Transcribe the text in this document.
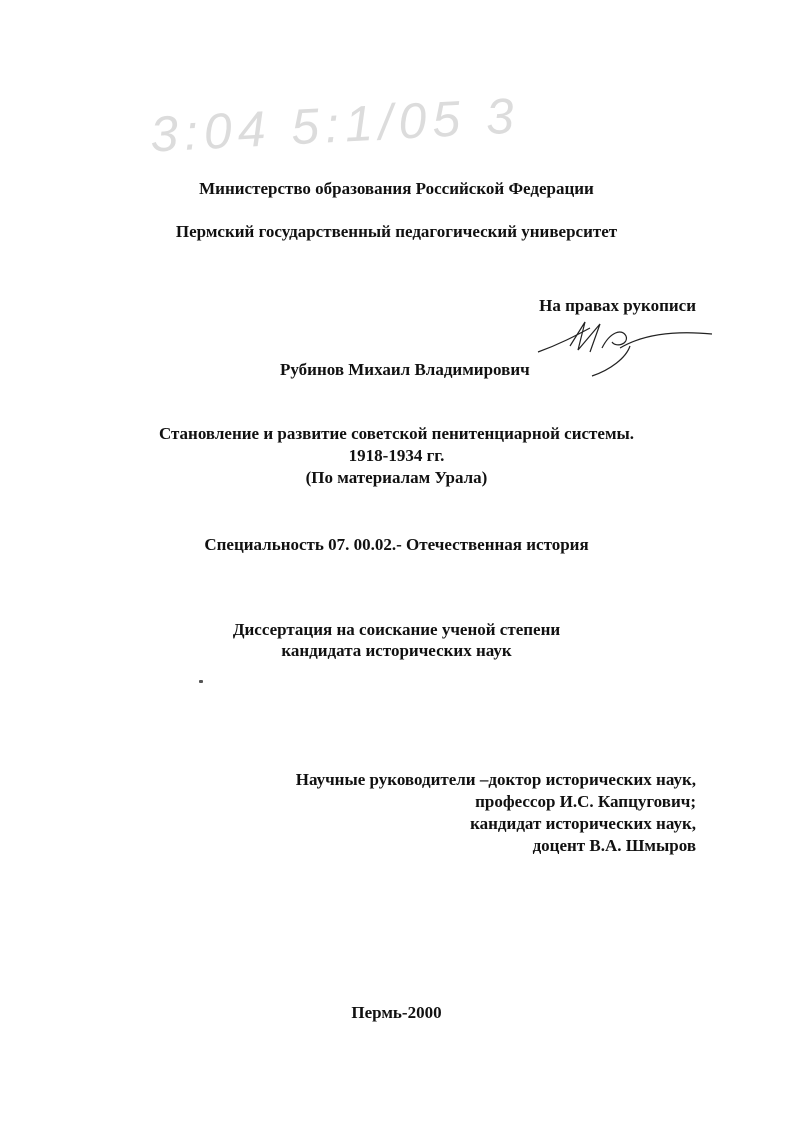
3:04 5:1/05 3

Министерство образования Российской Федерации

Пермский государственный педагогический университет

На правах рукописи

Рубинов Михаил Владимирович

Становление и развитие советской пенитенциарной системы.

1918-1934 гг.

(По материалам Урала)

Специальность 07. 00.02.- Отечественная история

Диссертация на соискание ученой степени

кандидата исторических наук

Научные руководители –доктор исторических наук,

профессор И.С. Капцугович;

кандидат исторических наук,

доцент В.А. Шмыров

Пермь-2000
